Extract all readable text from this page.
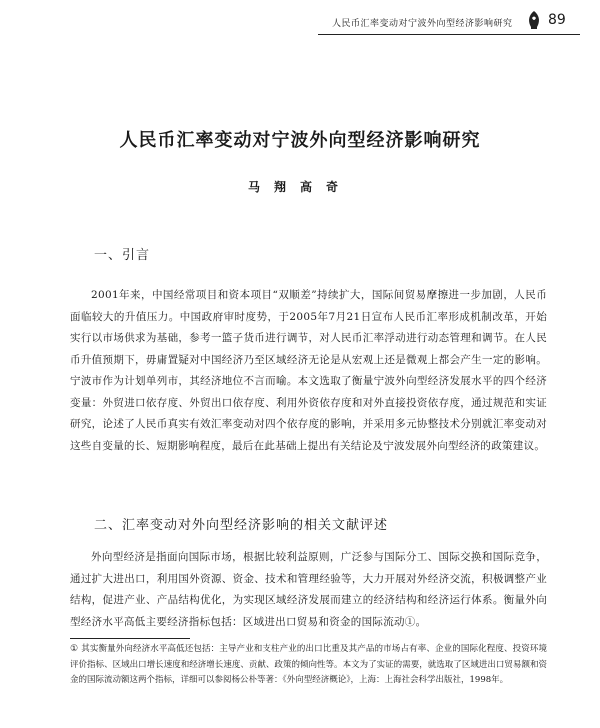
人民币汇率变动对宁波外向型经济影响研究	89
人民币汇率变动对宁波外向型经济影响研究
马翔高奇
一、引言

2001年来，中国经常项目和资本项目“双顺差”持续扩大，国际间贸易摩擦进一步加剧，人民币面临较大的升值压力。中国政府审时度势，于2005年7月21日宣布人民币汇率形成机制改革，开始实行以市场供求为基础，参考一篮子货币进行调节，对人民币汇率浮动进行动态管理和调节。在人民币升值预期下，毋庸置疑对中国经济乃至区域经济无论是从宏观上还是微观上都会产生一定的影响。宁波市作为计划单列市，其经济地位不言而喻。本文选取了衡量宁波外向型经济发展水平的四个经济变量：外贸进口依存度、外贸出口依存度、利用外资依存度和对外直接投资依存度，通过规范和实证研究，论述了人民币真实有效汇率变动对四个依存度的影响，并采用多元协整技术分别就汇率变动对这些自变量的长、短期影响程度，最后在此基础上提出有关结论及宁波发展外向型经济的政策建议。

二、汇率变动对外向型经济影响的相关文献评述

外向型经济是指面向国际市场，根据比较利益原则，广泛参与国际分工、国际交换和国际竞争，通过扩大进出口，利用国外资源、资金、技术和管理经验等，大力开展对外经济交流，积极调整产业结构，促进产业、产品结构优化，为实现区域经济发展而建立的经济结构和经济运行体系。衡量外向型经济水平高低主要经济指标包括：区域进出口贸易和资金的国际流动①。

① 其实衡量外向经济水平高低还包括：主导产业和支柱产业的出口比重及其产品的市场占有率、企业的国际化程度、投资环境评价指标、区域出口增长速度和经济增长速度、贡献、政策的倾向性等。本文为了实证的需要，就选取了区域进出口贸易额和资金的国际流动额这两个指标，详细可以参阅杨公朴等著：《外向型经济概论》，上海：上海社会科学出版社，1998年。
